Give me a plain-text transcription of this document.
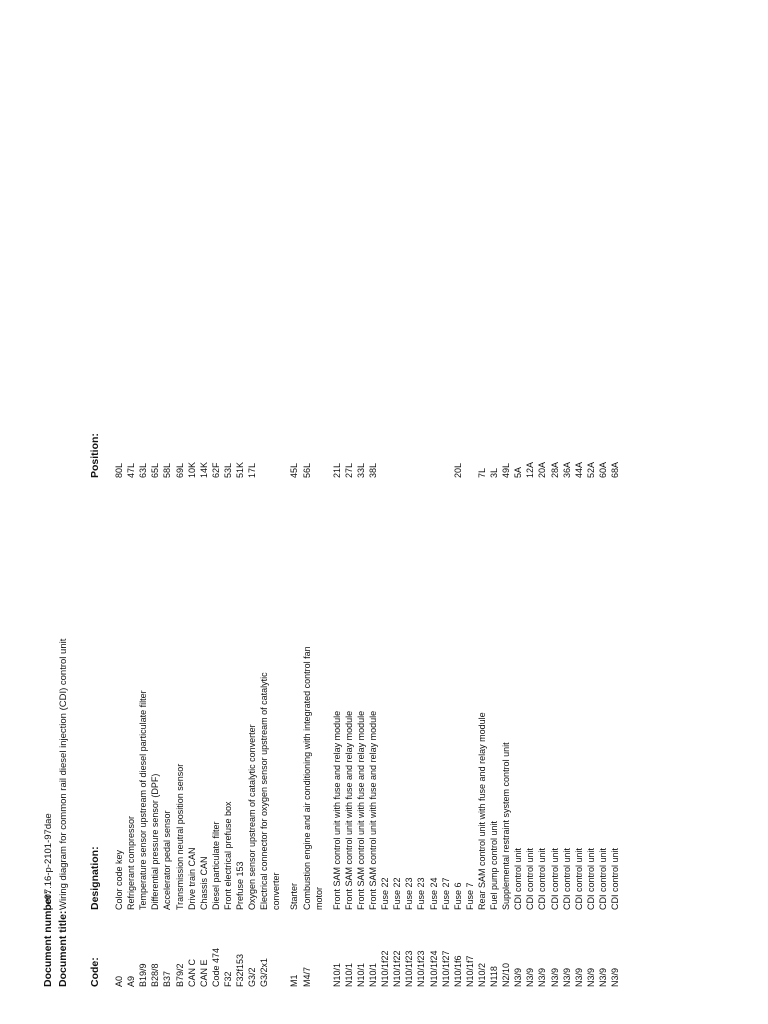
Document number:
pe07.16-p-2101-97dae
Document title:
Wiring diagram for common rail diesel injection (CDI) control unit
Code:
Designation:
Position:
A0
Color code key
80L
A9
Refrigerant compressor
47L
B19/9
Temperature sensor upstream of diesel particulate filter
63L
B28/8
Differential pressure sensor (DPF)
65L
B37
Accelerator pedal sensor
58L
B79/2
Transmission neutral position sensor
69L
CAN C
Drive train CAN
10K
CAN E
Chassis CAN
14K
Code 474
Diesel particulate filter
62F
F32
Front electrical prefuse box
53L
F32f153
Prefuse 153
51K
G3/2
Oxygen sensor upstream of catalytic converter
17L
G3/2x1
Electrical connector for oxygen sensor upstream of catalytic converter
M1
Starter
45L
M4/7
Combustion engine and air conditioning with integrated control fan
56L
motor
N10/1
Front SAM control unit with fuse and relay module
21L
N10/1
Front SAM control unit with fuse and relay module
27L
N10/1
Front SAM control unit with fuse and relay module
33L
N10/1
Front SAM control unit with fuse and relay module
38L
N10/1f22
Fuse 22
N10/1f22
Fuse 22
N10/1f23
Fuse 23
N10/1f23
Fuse 23
N10/1f24
Fuse 24
N10/1f27
Fuse 27
N10/1f6
Fuse 6
20L
N10/1f7
Fuse 7
N10/2
Rear SAM control unit with fuse and relay module
7L
N118
Fuel pump control unit
3L
N2/10
Supplemental restraint system control unit
49L
N3/9
CDI control unit
5A
N3/9
CDI control unit
12A
N3/9
CDI control unit
20A
N3/9
CDI control unit
28A
N3/9
CDI control unit
36A
N3/9
CDI control unit
44A
N3/9
CDI control unit
52A
N3/9
CDI control unit
60A
N3/9
CDI control unit
68A
